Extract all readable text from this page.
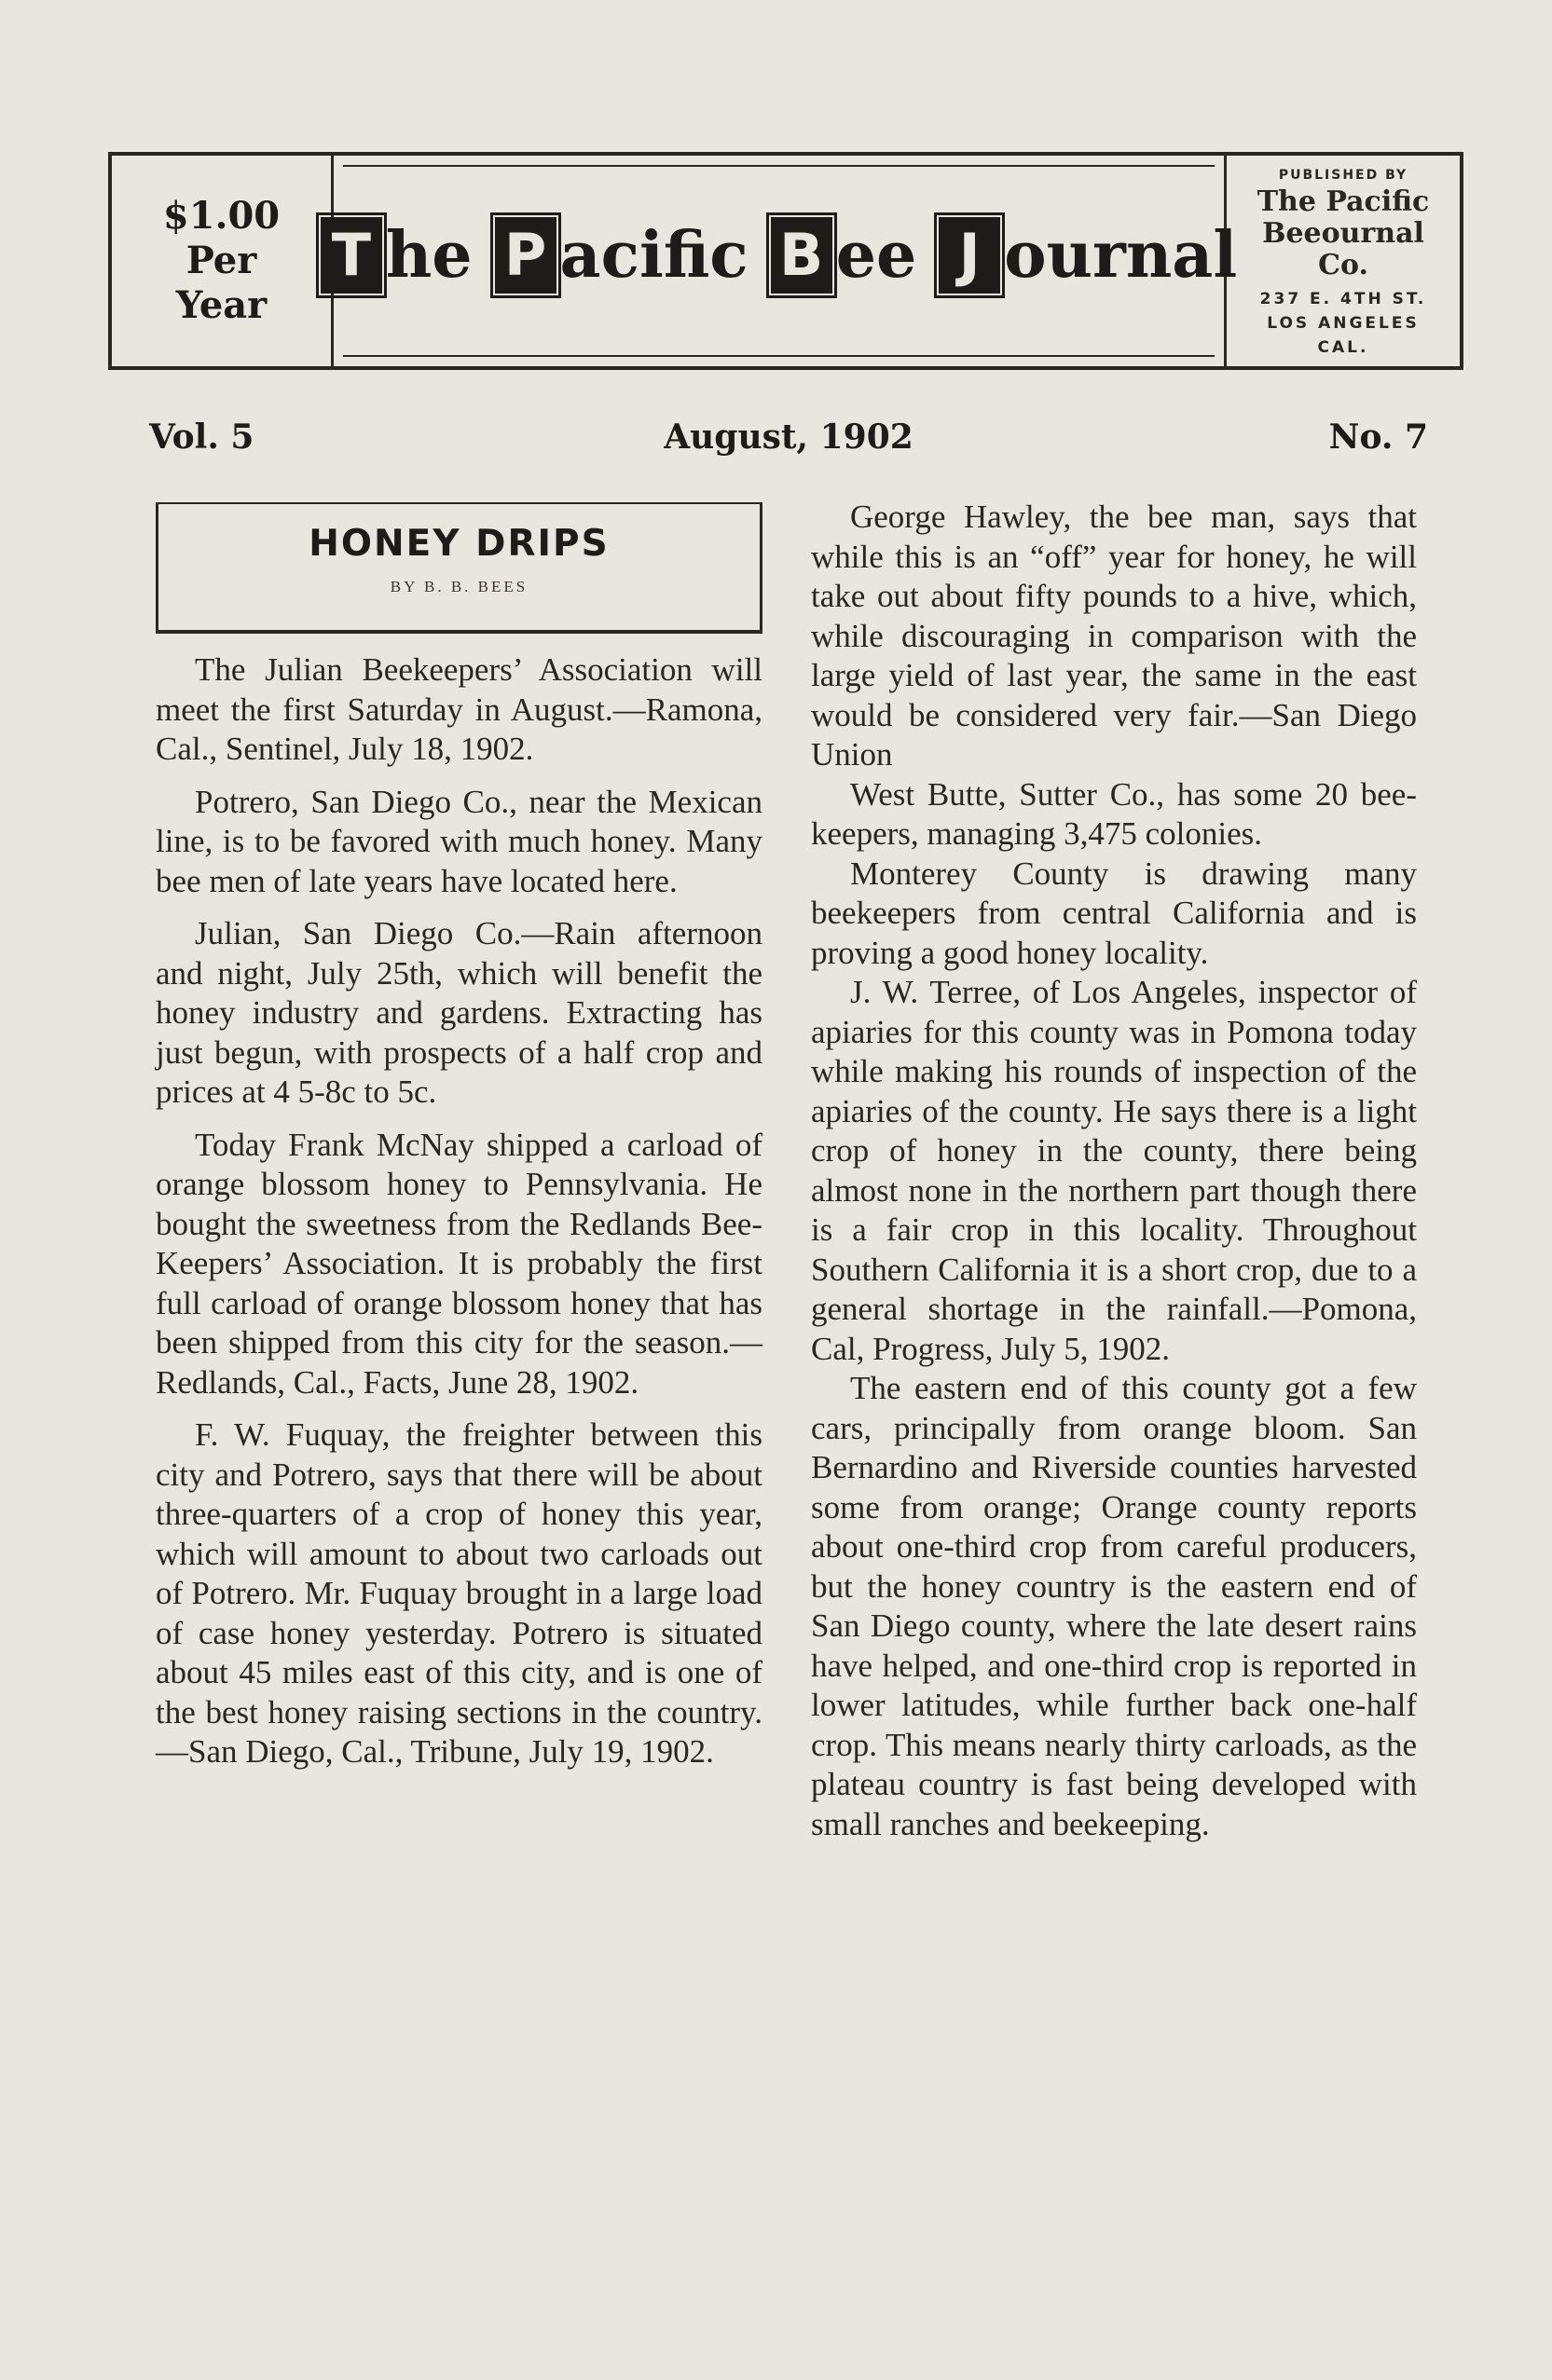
$1.00
Per
Year
T he P acific B ee J ournal
PUBLISHED BY
The Pacific
Beeournal
Co.
237 E. 4TH ST.
LOS ANGELES
CAL.
Vol. 5	August, 1902	No. 7
HONEY DRIPS
BY B. B. BEES

The Julian Beekeepers’ Association will meet the first Saturday in August.—Ramona, Cal., Sentinel, July 18, 1902.

Potrero, San Diego Co., near the Mexican line, is to be favored with much honey. Many bee men of late years have located here.

Julian, San Diego Co.—Rain afternoon and night, July 25th, which will benefit the honey industry and gardens. Extracting has just begun, with prospects of a half crop and prices at 4 5-8c to 5c.

Today Frank McNay shipped a carload of orange blossom honey to Pennsylvania. He bought the sweetness from the Redlands Bee-Keepers’ Association. It is probably the first full carload of orange blossom honey that has been shipped from this city for the season.—Redlands, Cal., Facts, June 28, 1902.

F. W. Fuquay, the freighter between this city and Potrero, says that there will be about three-quarters of a crop of honey this year, which will amount to about two carloads out of Potrero. Mr. Fuquay brought in a large load of case honey yesterday. Potrero is situated about 45 miles east of this city, and is one of the best honey raising sections in the country.—San Diego, Cal., Tribune, July 19, 1902.

George Hawley, the bee man, says that while this is an “off” year for honey, he will take out about fifty pounds to a hive, which, while discouraging in comparison with the large yield of last year, the same in the east would be considered very fair.—San Diego Union

West Butte, Sutter Co., has some 20 bee-keepers, managing 3,475 colonies.

Monterey County is drawing many beekeepers from central California and is proving a good honey locality.

J. W. Terree, of Los Angeles, inspector of apiaries for this county was in Pomona today while making his rounds of inspection of the apiaries of the county. He says there is a light crop of honey in the county, there being almost none in the northern part though there is a fair crop in this locality. Throughout Southern California it is a short crop, due to a general shortage in the rainfall.—Pomona, Cal, Progress, July 5, 1902.

The eastern end of this county got a few cars, principally from orange bloom. San Bernardino and Riverside counties harvested some from orange; Orange county reports about one-third crop from careful producers, but the honey country is the eastern end of San Diego county, where the late desert rains have helped, and one-third crop is reported in lower latitudes, while further back one-half crop. This means nearly thirty carloads, as the plateau country is fast being developed with small ranches and beekeeping.
